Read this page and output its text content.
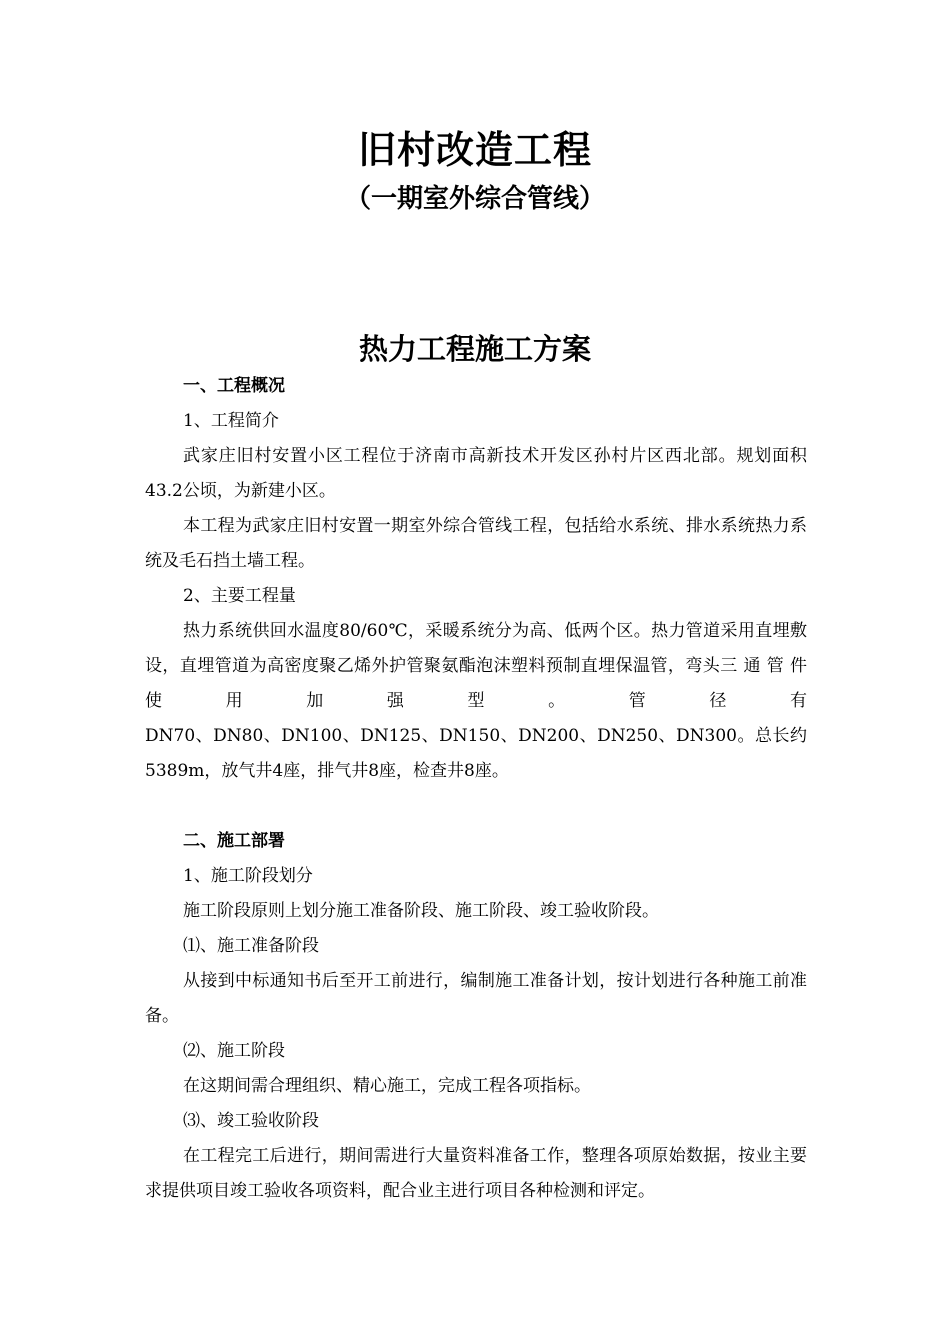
旧村改造工程
（一期室外综合管线）
热力工程施工方案

一、工程概况

1、工程简介

武家庄旧村安置小区工程位于济南市高新技术开发区孙村片区西北部。规划面积43.2公顷，为新建小区。

本工程为武家庄旧村安置一期室外综合管线工程，包括给水系统、排水系统热力系统及毛石挡土墙工程。

2、主要工程量

热力系统供回水温度80/60℃，采暖系统分为高、低两个区。热力管道采用直埋敷设，直埋管道为高密度聚乙烯外护管聚氨酯泡沫塑料预制直埋保温管，弯头三 通 管 件 使 用 加 强 型 。 管 径 有

DN70、DN80、DN100、DN125、DN150、DN200、DN250、DN300。总长约5389m，放气井4座，排气井8座，检查井8座。

二、施工部署

1、施工阶段划分

施工阶段原则上划分施工准备阶段、施工阶段、竣工验收阶段。

⑴、施工准备阶段

从接到中标通知书后至开工前进行，编制施工准备计划，按计划进行各种施工前准备。

⑵、施工阶段

在这期间需合理组织、精心施工，完成工程各项指标。

⑶、竣工验收阶段

在工程完工后进行，期间需进行大量资料准备工作，整理各项原始数据，按业主要求提供项目竣工验收各项资料，配合业主进行项目各种检测和评定。
